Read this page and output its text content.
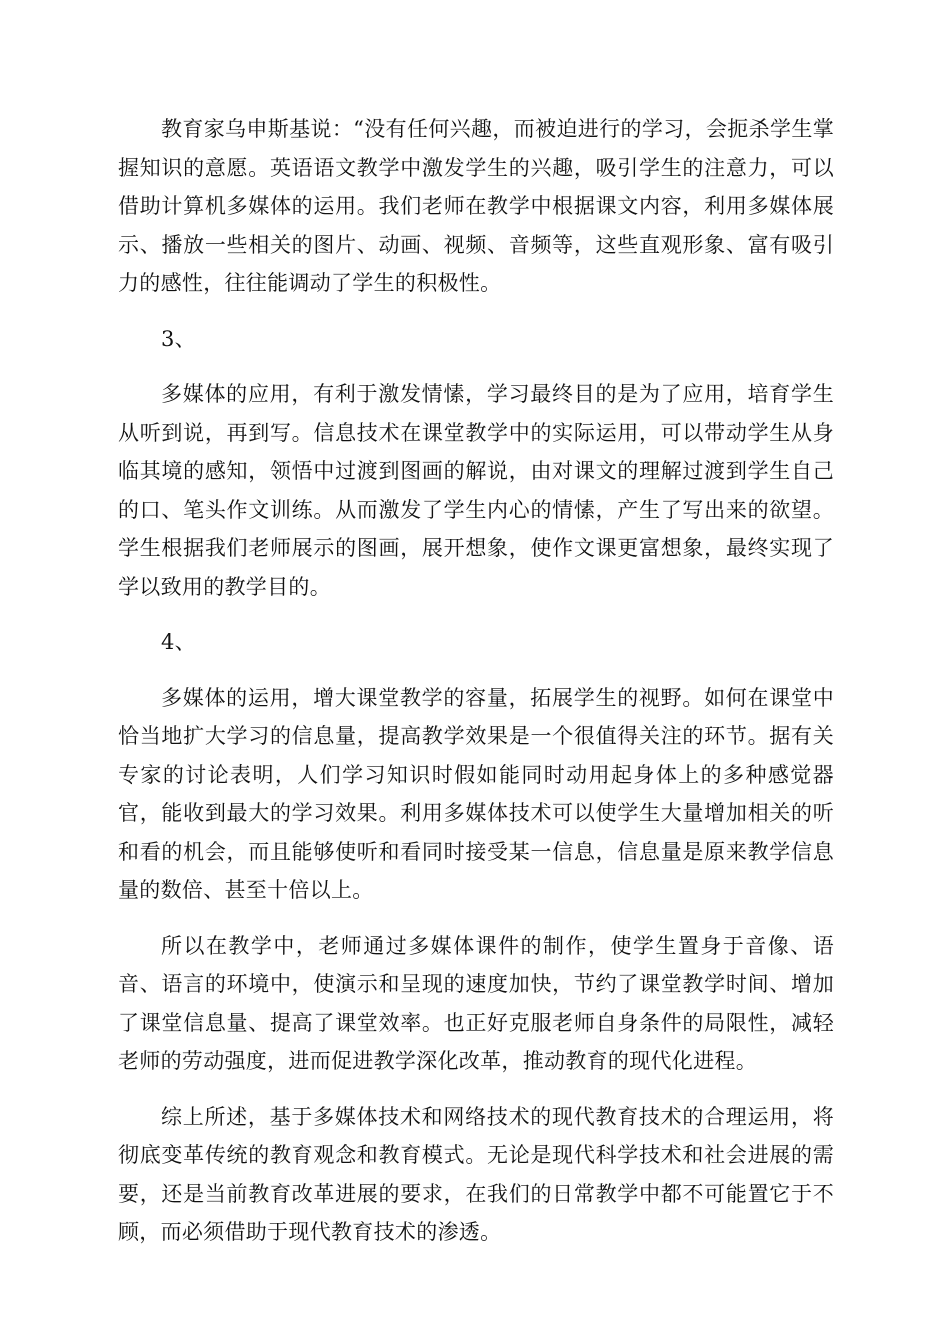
教育家乌申斯基说：“没有任何兴趣，而被迫进行的学习，会扼杀学生掌握知识的意愿。英语语文教学中激发学生的兴趣，吸引学生的注意力，可以借助计算机多媒体的运用。我们老师在教学中根据课文内容，利用多媒体展示、播放一些相关的图片、动画、视频、音频等，这些直观形象、富有吸引力的感性，往往能调动了学生的积极性。

3、

多媒体的应用，有利于激发情愫，学习最终目的是为了应用，培育学生从听到说，再到写。信息技术在课堂教学中的实际运用，可以带动学生从身临其境的感知，领悟中过渡到图画的解说，由对课文的理解过渡到学生自己的口、笔头作文训练。从而激发了学生内心的情愫，产生了写出来的欲望。学生根据我们老师展示的图画，展开想象，使作文课更富想象，最终实现了学以致用的教学目的。

4、

多媒体的运用，增大课堂教学的容量，拓展学生的视野。如何在课堂中恰当地扩大学习的信息量，提高教学效果是一个很值得关注的环节。据有关专家的讨论表明，人们学习知识时假如能同时动用起身体上的多种感觉器官，能收到最大的学习效果。利用多媒体技术可以使学生大量增加相关的听和看的机会，而且能够使听和看同时接受某一信息，信息量是原来教学信息量的数倍、甚至十倍以上。

所以在教学中，老师通过多媒体课件的制作，使学生置身于音像、语音、语言的环境中，使演示和呈现的速度加快，节约了课堂教学时间、增加了课堂信息量、提高了课堂效率。也正好克服老师自身条件的局限性，减轻老师的劳动强度，进而促进教学深化改革，推动教育的现代化进程。

综上所述，基于多媒体技术和网络技术的现代教育技术的合理运用，将彻底变革传统的教育观念和教育模式。无论是现代科学技术和社会进展的需要，还是当前教育改革进展的要求，在我们的日常教学中都不可能置它于不顾，而必须借助于现代教育技术的渗透。
